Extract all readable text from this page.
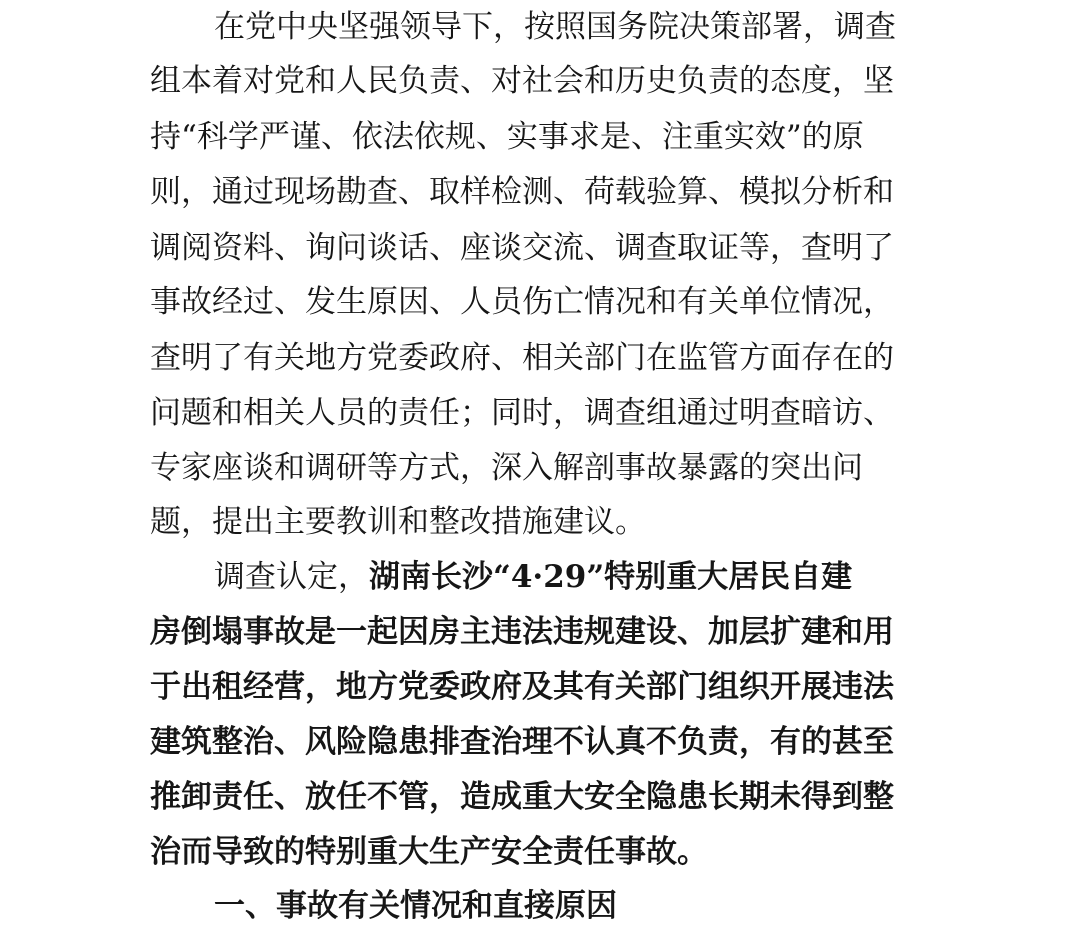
在党中央坚强领导下，按照国务院决策部署，调查
组本着对党和人民负责、对社会和历史负责的态度，坚
持“科学严谨、依法依规、实事求是、注重实效”的原
则，通过现场勘查、取样检测、荷载验算、模拟分析和
调阅资料、询问谈话、座谈交流、调查取证等，查明了
事故经过、发生原因、人员伤亡情况和有关单位情况，
查明了有关地方党委政府、相关部门在监管方面存在的
问题和相关人员的责任；同时，调查组通过明查暗访、
专家座谈和调研等方式，深入解剖事故暴露的突出问
题，提出主要教训和整改措施建议。
调查认定，湖南长沙“4·29”特别重大居民自建
房倒塌事故是一起因房主违法违规建设、加层扩建和用
于出租经营，地方党委政府及其有关部门组织开展违法
建筑整治、风险隐患排查治理不认真不负责，有的甚至
推卸责任、放任不管，造成重大安全隐患长期未得到整
治而导致的特别重大生产安全责任事故。
一、事故有关情况和直接原因
